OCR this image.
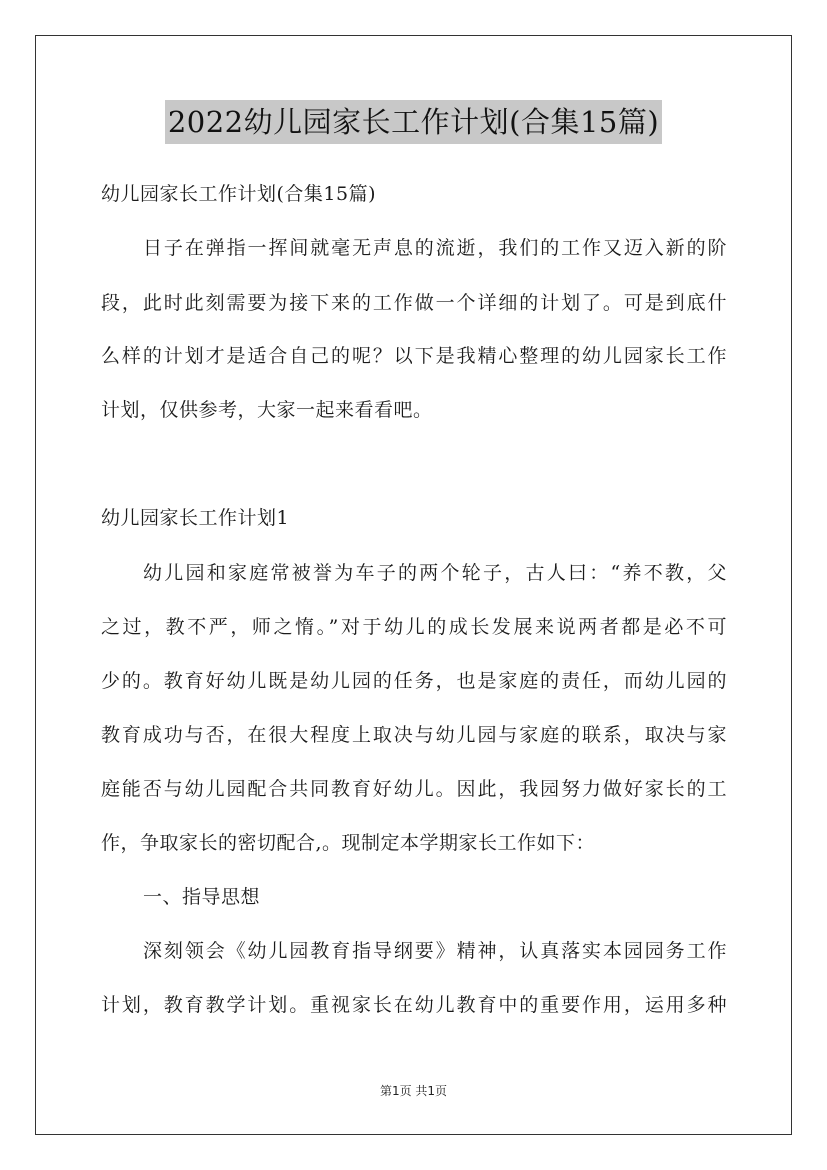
2022幼儿园家长工作计划(合集15篇)
幼儿园家长工作计划(合集15篇)
日子在弹指一挥间就毫无声息的流逝，我们的工作又迈入新的阶
段，此时此刻需要为接下来的工作做一个详细的计划了。可是到底什
么样的计划才是适合自己的呢？以下是我精心整理的幼儿园家长工作
计划，仅供参考，大家一起来看看吧。
幼儿园家长工作计划1
幼儿园和家庭常被誉为车子的两个轮子，古人曰：“养不教，父
之过，教不严，师之惰。”对于幼儿的成长发展来说两者都是必不可
少的。教育好幼儿既是幼儿园的任务，也是家庭的责任，而幼儿园的
教育成功与否，在很大程度上取决与幼儿园与家庭的联系，取决与家
庭能否与幼儿园配合共同教育好幼儿。因此，我园努力做好家长的工
作，争取家长的密切配合,。现制定本学期家长工作如下：
一、指导思想
深刻领会《幼儿园教育指导纲要》精神，认真落实本园园务工作
计划，教育教学计划。重视家长在幼儿教育中的重要作用，运用多种
第1页 共1页
